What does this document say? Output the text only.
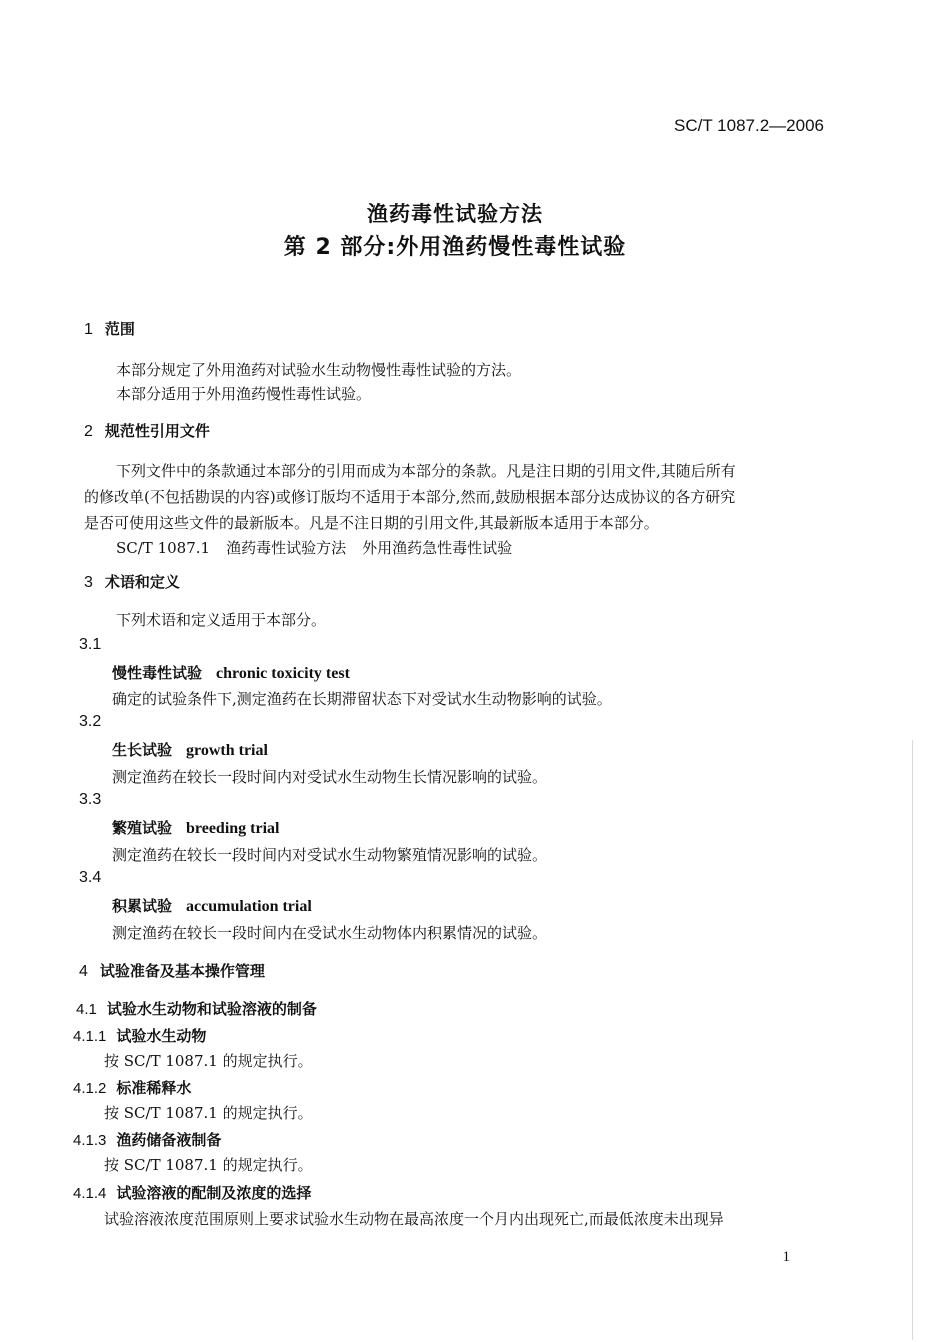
SC/T 1087.2—2006
渔药毒性试验方法
第 2 部分:外用渔药慢性毒性试验
1 范围
本部分规定了外用渔药对试验水生动物慢性毒性试验的方法。
本部分适用于外用渔药慢性毒性试验。
2 规范性引用文件
下列文件中的条款通过本部分的引用而成为本部分的条款。凡是注日期的引用文件,其随后所有
的修改单(不包括勘误的内容)或修订版均不适用于本部分,然而,鼓励根据本部分达成协议的各方研究
是否可使用这些文件的最新版本。凡是不注日期的引用文件,其最新版本适用于本部分。
SC/T 1087.1 渔药毒性试验方法 外用渔药急性毒性试验
3 术语和定义
下列术语和定义适用于本部分。
3.1
慢性毒性试验 chronic toxicity test
确定的试验条件下,测定渔药在长期滞留状态下对受试水生动物影响的试验。
3.2
生长试验 growth trial
测定渔药在较长一段时间内对受试水生动物生长情况影响的试验。
3.3
繁殖试验 breeding trial
测定渔药在较长一段时间内对受试水生动物繁殖情况影响的试验。
3.4
积累试验 accumulation trial
测定渔药在较长一段时间内在受试水生动物体内积累情况的试验。
4 试验准备及基本操作管理
4.1 试验水生动物和试验溶液的制备
4.1.1 试验水生动物
按 SC/T 1087.1 的规定执行。
4.1.2 标准稀释水
按 SC/T 1087.1 的规定执行。
4.1.3 渔药储备液制备
按 SC/T 1087.1 的规定执行。
4.1.4 试验溶液的配制及浓度的选择
试验溶液浓度范围原则上要求试验水生动物在最高浓度一个月内出现死亡,而最低浓度未出现异
1
